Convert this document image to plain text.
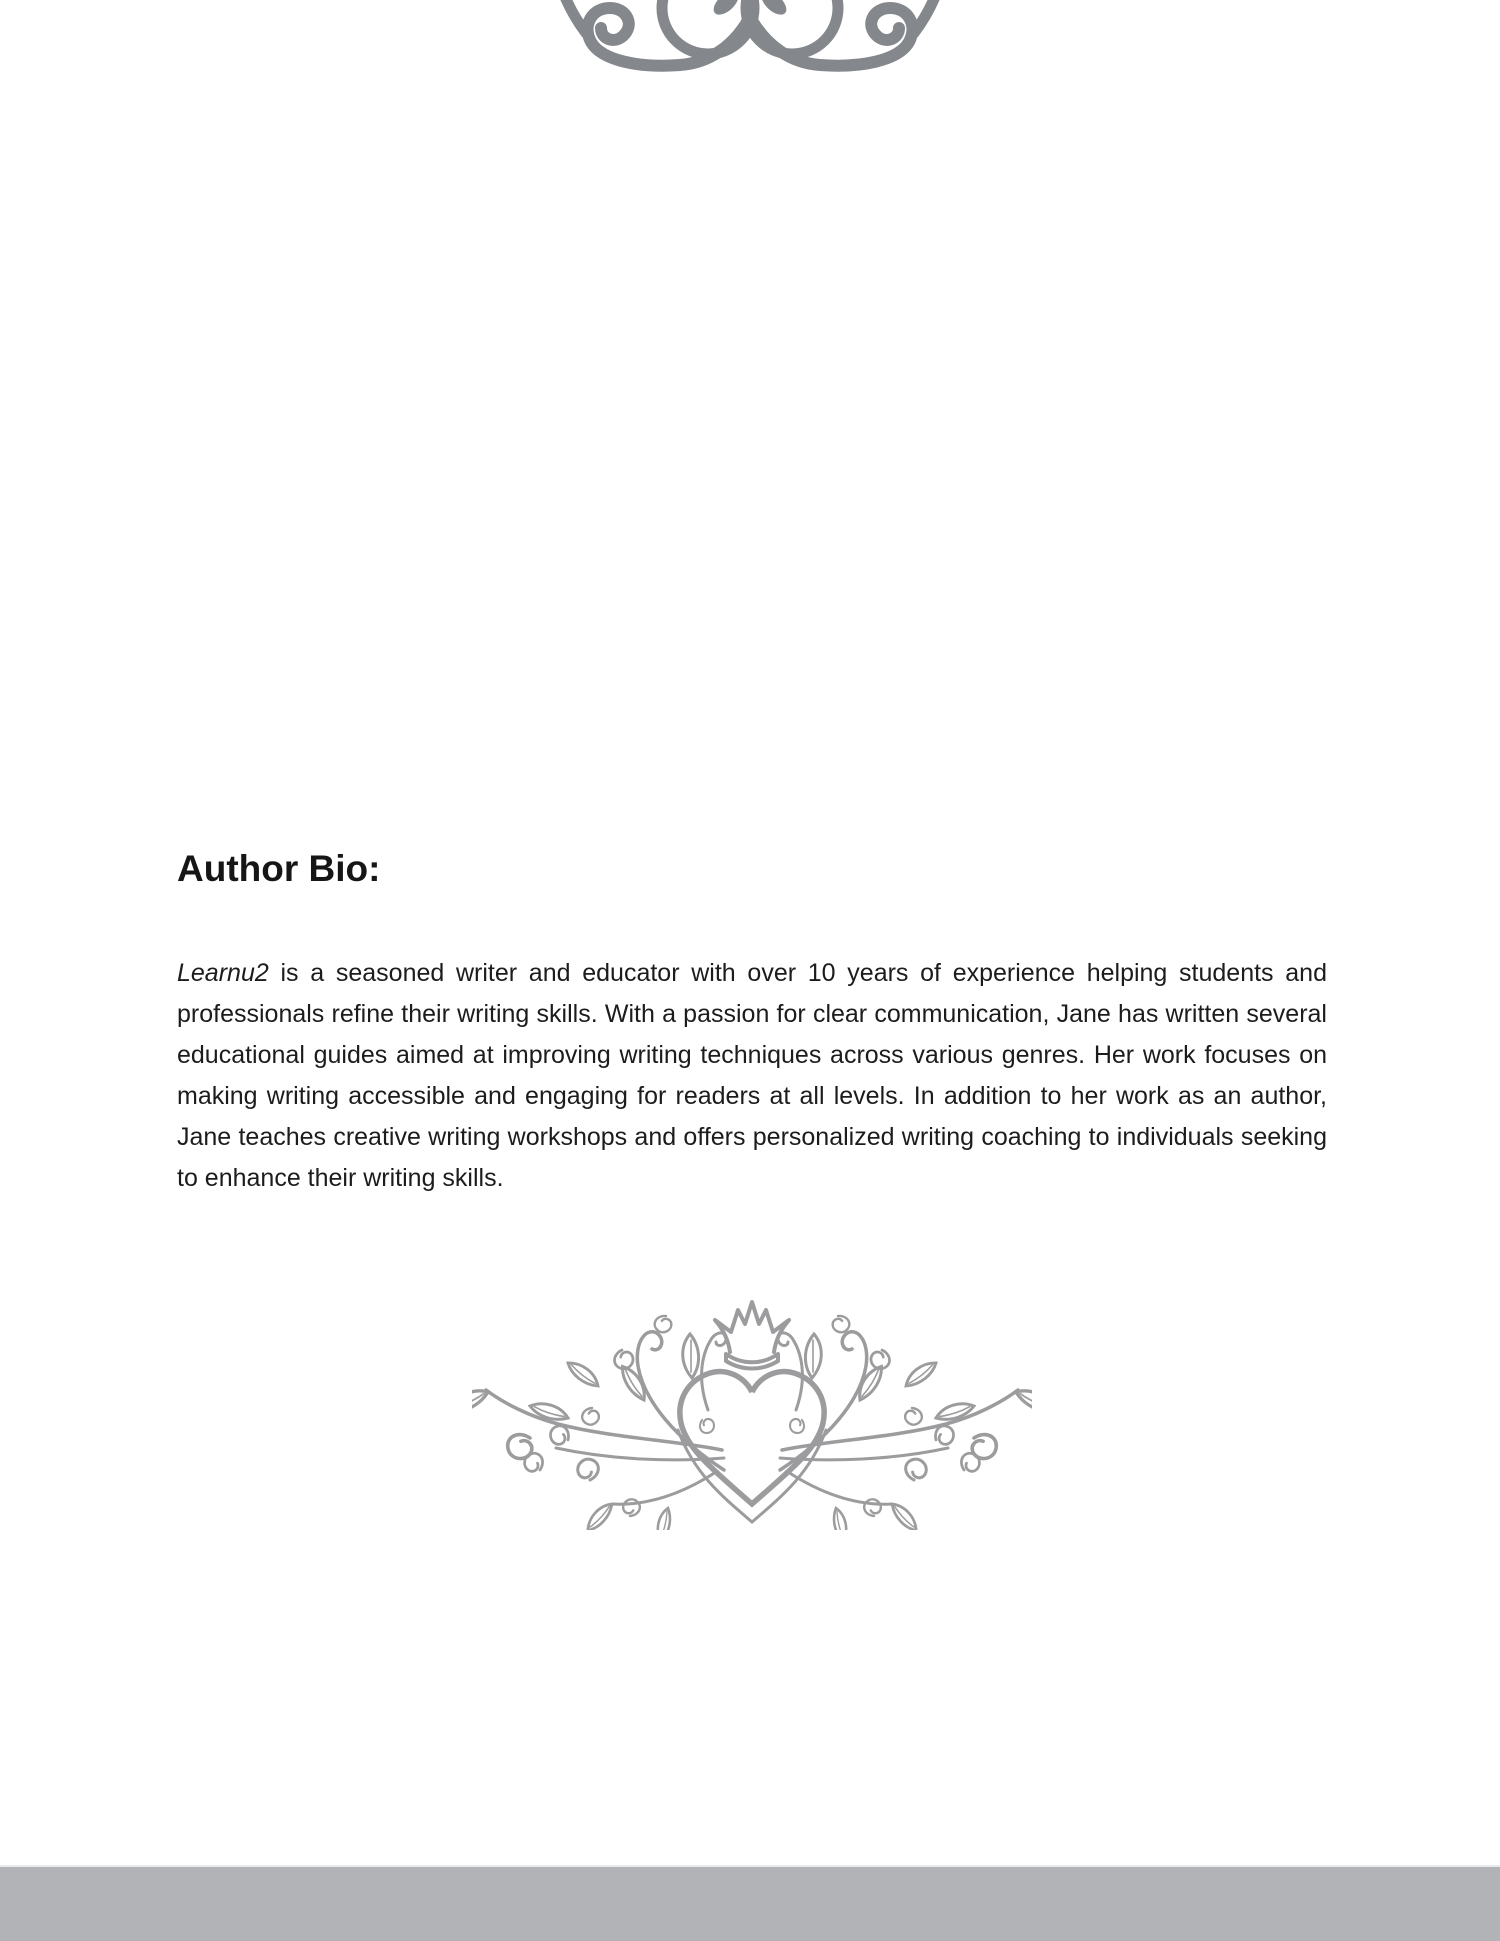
Author Bio:

Learnu2 is a seasoned writer and educator with over 10 years of experience helping students and professionals refine their writing skills. With a passion for clear communication, Jane has written several educational guides aimed at improving writing techniques across various genres. Her work focuses on making writing accessible and engaging for readers at all levels. In addition to her work as an author, Jane teaches creative writing workshops and offers personalized writing coaching to individuals seeking to enhance their writing skills.
